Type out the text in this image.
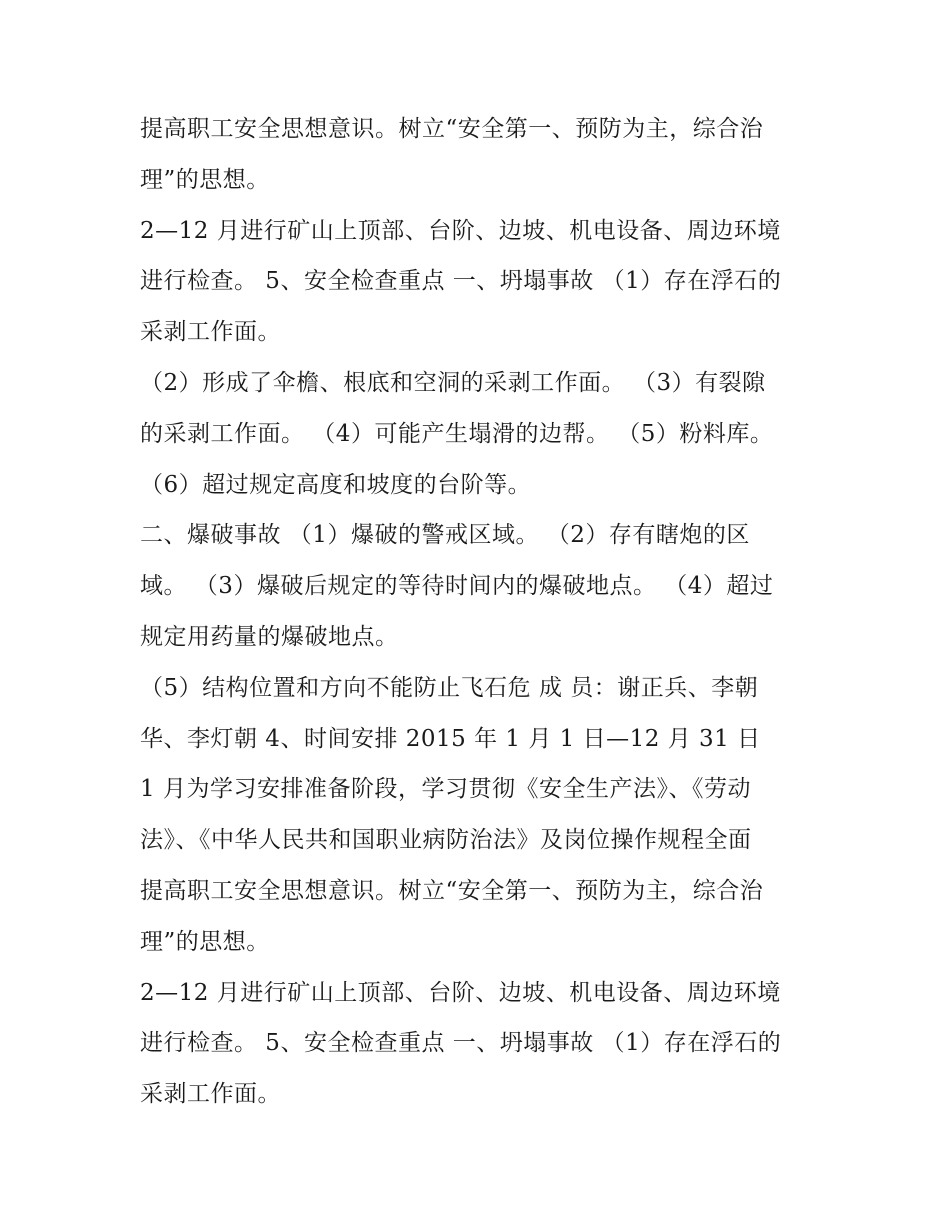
提高职工安全思想意识。树立“安全第一、预防为主，综合治
理”的思想。
2—12 月进行矿山上顶部、台阶、边坡、机电设备、周边环境
进行检查。 5、安全检查重点 一、坍塌事故 （1）存在浮石的
采剥工作面。
（2）形成了伞檐、根底和空洞的采剥工作面。 （3）有裂隙
的采剥工作面。 （4）可能产生塌滑的边帮。 （5）粉料库。
（6）超过规定高度和坡度的台阶等。
二、爆破事故 （1）爆破的警戒区域。 （2）存有瞎炮的区
域。 （3）爆破后规定的等待时间内的爆破地点。 （4）超过
规定用药量的爆破地点。
（5）结构位置和方向不能防止飞石危 成 员：谢正兵、李朝
华、李灯朝 4、时间安排 2015 年 1 月 1 日—12 月 31 日
1 月为学习安排准备阶段，学习贯彻《安全生产法》、《劳动
法》、《中华人民共和国职业病防治法》及岗位操作规程全面
提高职工安全思想意识。树立“安全第一、预防为主，综合治
理”的思想。
2—12 月进行矿山上顶部、台阶、边坡、机电设备、周边环境
进行检查。 5、安全检查重点 一、坍塌事故 （1）存在浮石的
采剥工作面。
